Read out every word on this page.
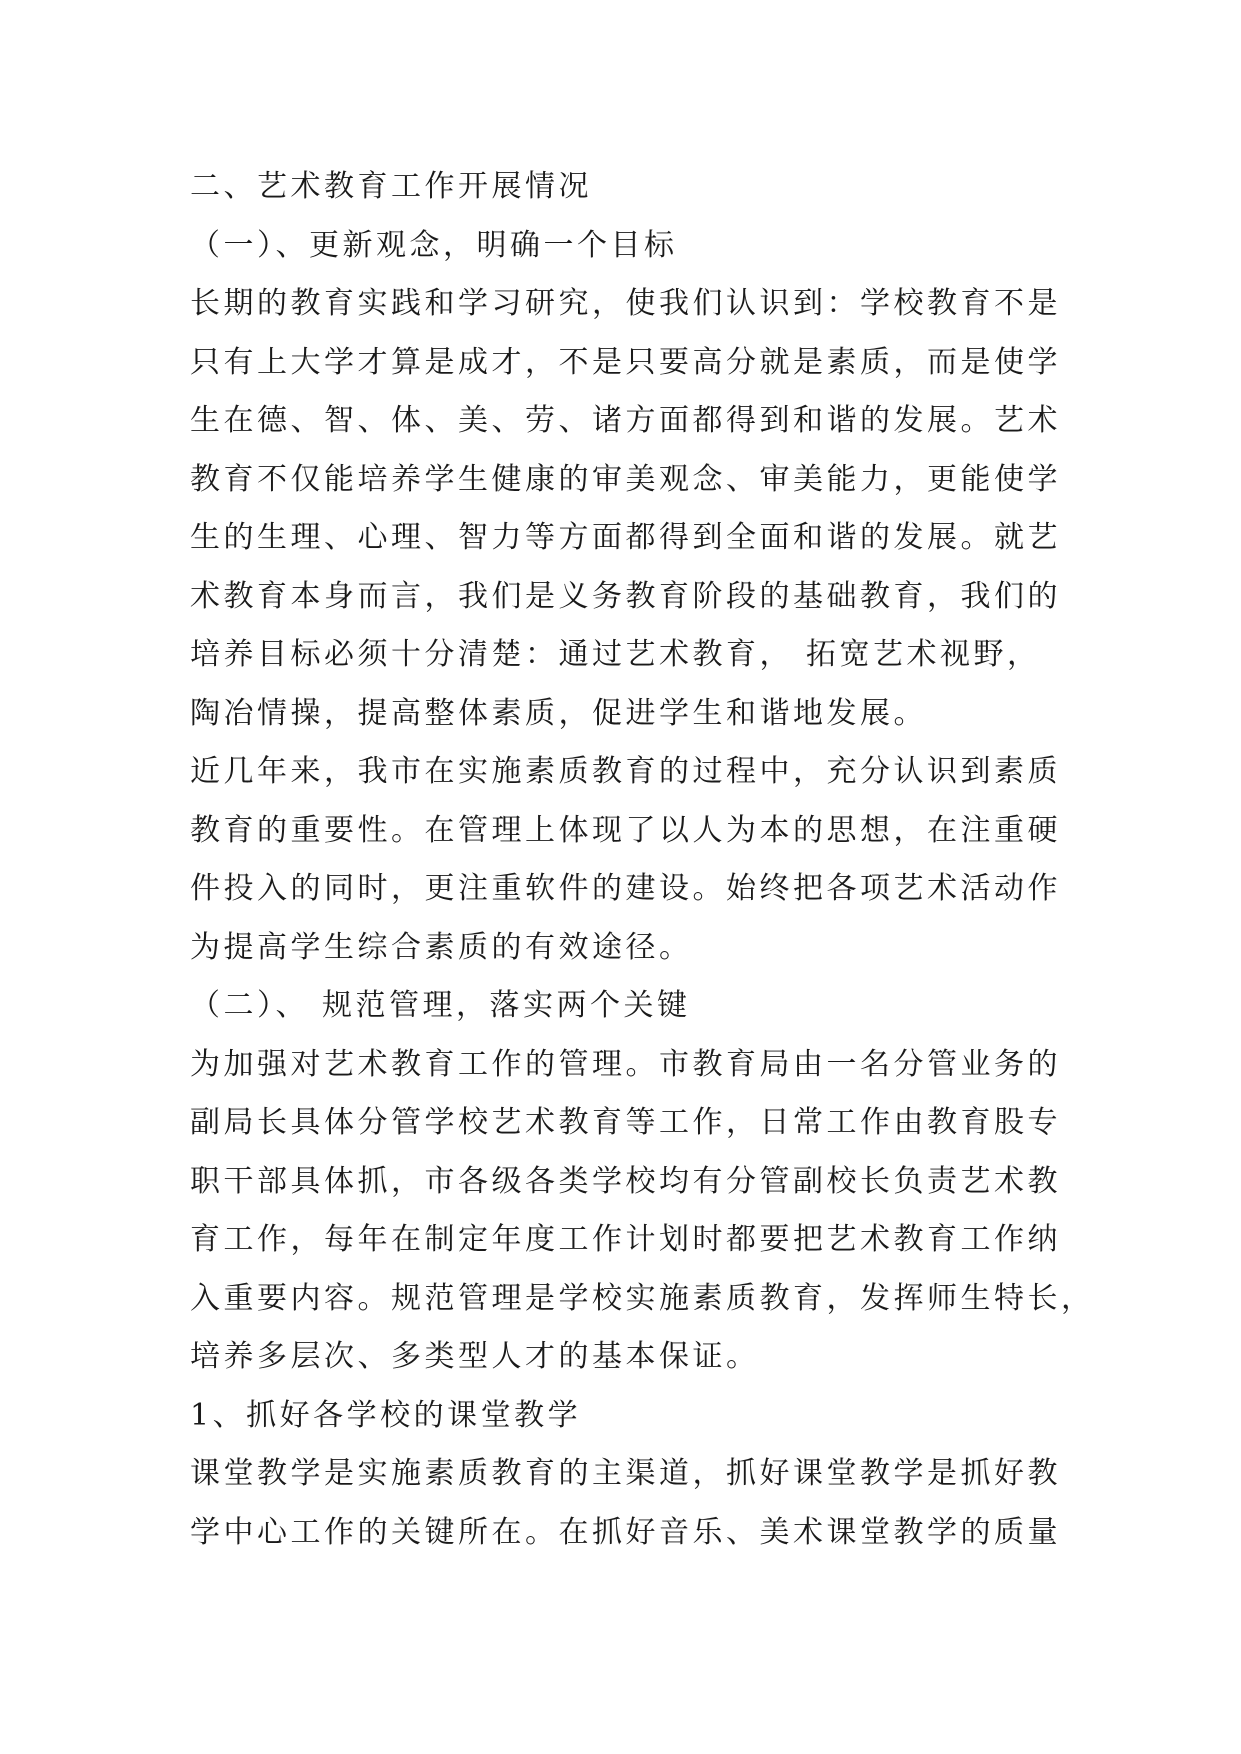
二、艺术教育工作开展情况
（一）、更新观念，明确一个目标
长期的教育实践和学习研究，使我们认识到：学校教育不是
只有上大学才算是成才，不是只要高分就是素质，而是使学
生在德、智、体、美、劳、诸方面都得到和谐的发展。艺术
教育不仅能培养学生健康的审美观念、审美能力，更能使学
生的生理、心理、智力等方面都得到全面和谐的发展。就艺
术教育本身而言，我们是义务教育阶段的基础教育，我们的
培养目标必须十分清楚：通过艺术教育， 拓宽艺术视野，
陶冶情操，提高整体素质，促进学生和谐地发展。
近几年来，我市在实施素质教育的过程中，充分认识到素质
教育的重要性。在管理上体现了以人为本的思想，在注重硬
件投入的同时，更注重软件的建设。始终把各项艺术活动作
为提高学生综合素质的有效途径。
（二）、 规范管理，落实两个关键
为加强对艺术教育工作的管理。市教育局由一名分管业务的
副局长具体分管学校艺术教育等工作，日常工作由教育股专
职干部具体抓，市各级各类学校均有分管副校长负责艺术教
育工作，每年在制定年度工作计划时都要把艺术教育工作纳
入重要内容。规范管理是学校实施素质教育，发挥师生特长，
培养多层次、多类型人才的基本保证。
1、抓好各学校的课堂教学
课堂教学是实施素质教育的主渠道，抓好课堂教学是抓好教
学中心工作的关键所在。在抓好音乐、美术课堂教学的质量
